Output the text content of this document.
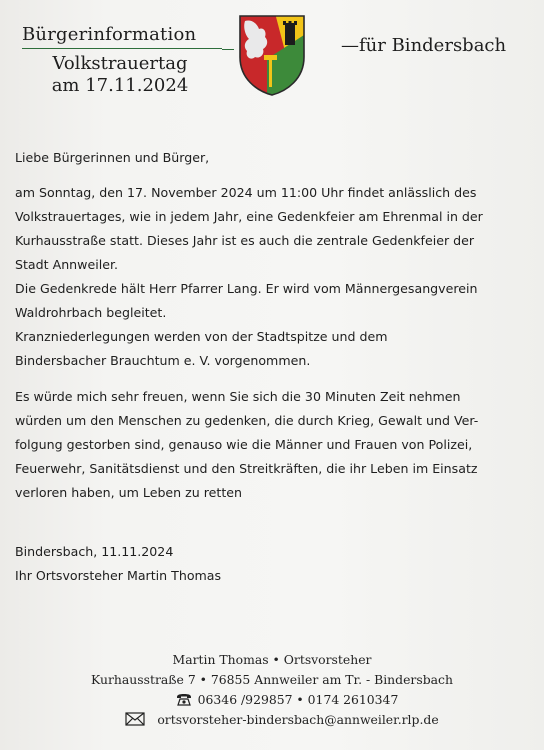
Bürgerinformation
Volkstrauertag
am 17.11.2024
—für Bindersbach

Liebe Bürgerinnen und Bürger,

am Sonntag, den 17. November 2024 um 11:00 Uhr findet anlässlich des

Volkstrauertages, wie in jedem Jahr, eine Gedenkfeier am Ehrenmal in der

Kurhausstraße statt. Dieses Jahr ist es auch die zentrale Gedenkfeier der

Stadt Annweiler.

Die Gedenkrede hält Herr Pfarrer Lang. Er wird vom Männergesangverein

Waldrohrbach begleitet.

Kranzniederlegungen werden von der Stadtspitze und dem

Bindersbacher Brauchtum e. V. vorgenommen.

Es würde mich sehr freuen, wenn Sie sich die 30 Minuten Zeit nehmen

würden um den Menschen zu gedenken, die durch Krieg, Gewalt und Ver-

folgung gestorben sind, genauso wie die Männer und Frauen von Polizei,

Feuerwehr, Sanitätsdienst und den Streitkräften, die ihr Leben im Einsatz

verloren haben, um Leben zu retten

Bindersbach, 11.11.2024

Ihr Ortsvorsteher Martin Thomas

Martin Thomas • Ortsvorsteher
Kurhausstraße 7 • 76855 Annweiler am Tr. - Bindersbach
06346 /929857 • 0174 2610347
ortsvorsteher-bindersbach@annweiler.rlp.de
